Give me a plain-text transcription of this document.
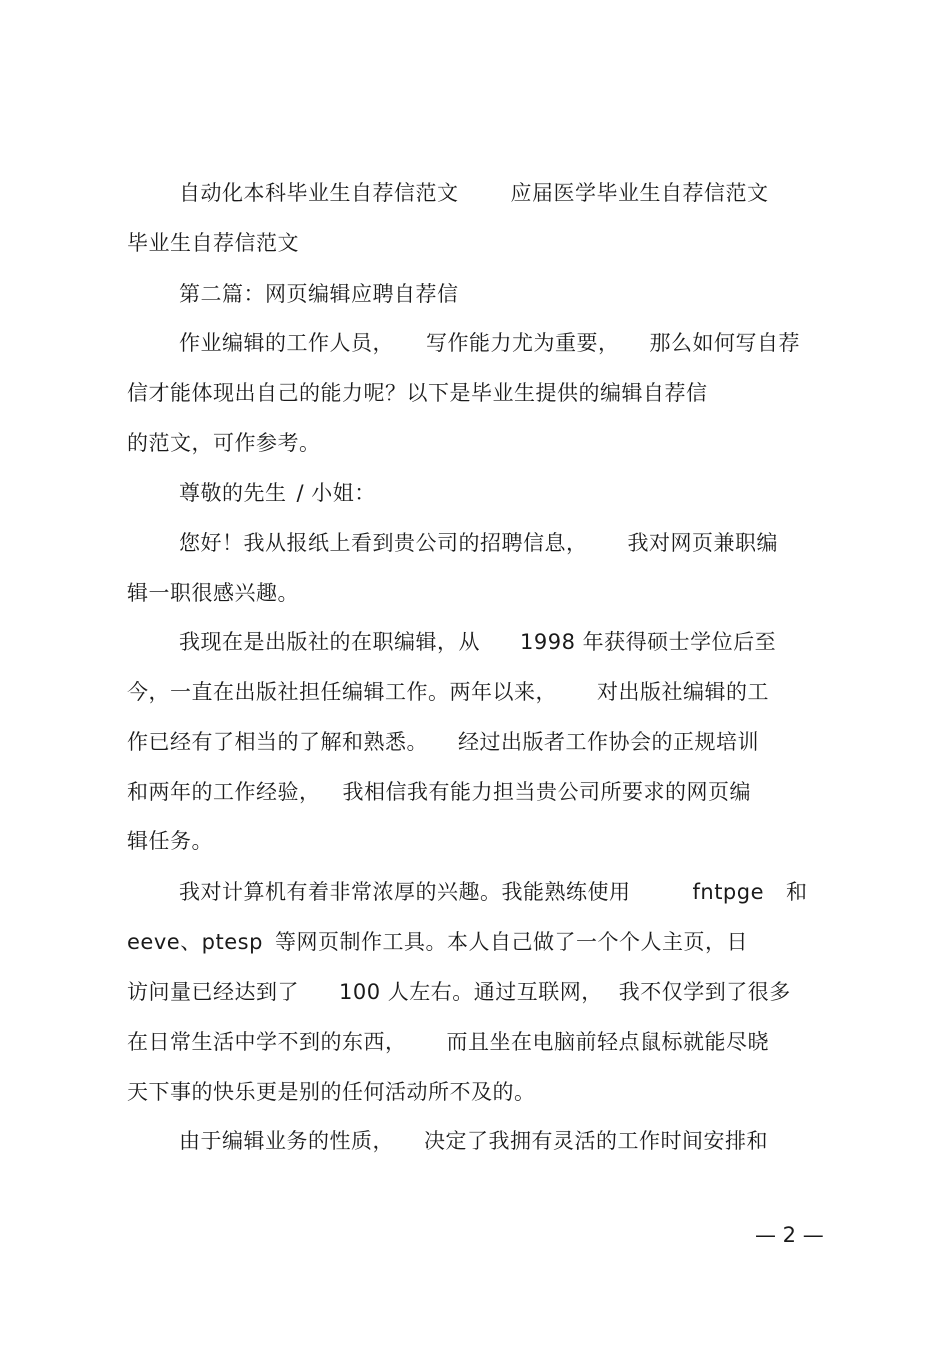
自动化本科毕业生自荐信范文 应届医学毕业生自荐信范文
毕业生自荐信范文
第二篇：网页编辑应聘自荐信
作业编辑的工作人员， 写作能力尤为重要， 那么如何写自荐
信才能体现出自己的能力呢？以下是毕业生提供的编辑自荐信
的范文，可作参考。
尊敬的先生 / 小姐：
您好！我从报纸上看到贵公司的招聘信息， 我对网页兼职编
辑一职很感兴趣。
我现在是出版社的在职编辑，从 1998 年获得硕士学位后至
今，一直在出版社担任编辑工作。两年以来， 对出版社编辑的工
作已经有了相当的了解和熟悉。 经过出版者工作协会的正规培训
和两年的工作经验， 我相信我有能力担当贵公司所要求的网页编
辑任务。
我对计算机有着非常浓厚的兴趣。我能熟练使用	fntpge 和
eeve、ptesp 等网页制作工具。本人自己做了一个个人主页，日
访问量已经达到了 100 人左右。通过互联网， 我不仅学到了很多
在日常生活中学不到的东西， 而且坐在电脑前轻点鼠标就能尽晓
天下事的快乐更是别的任何活动所不及的。
由于编辑业务的性质， 决定了我拥有灵活的工作时间安排和
— 2 —
